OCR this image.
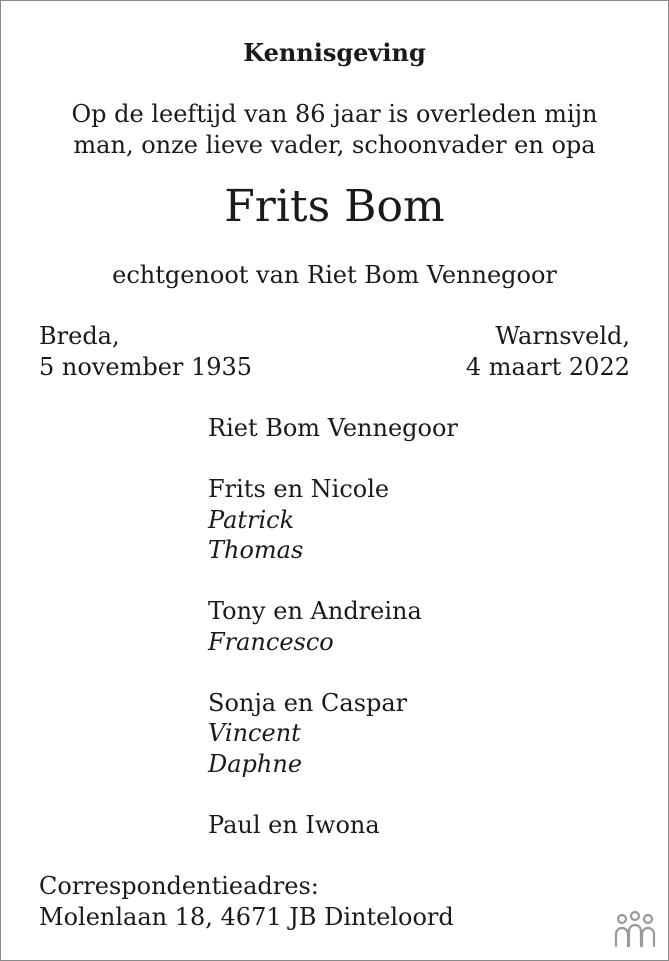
Kennisgeving
Op de leeftijd van 86 jaar is overleden mijn
man, onze lieve vader, schoonvader en opa
Frits Bom
echtgenoot van Riet Bom Vennegoor
Breda,
5 november 1935
Warnsveld,
4 maart 2022
Riet Bom Vennegoor
Frits en Nicole
Patrick
Thomas
Tony en Andreina
Francesco
Sonja en Caspar
Vincent
Daphne
Paul en Iwona
Correspondentieadres:
Molenlaan 18, 4671 JB Dinteloord
